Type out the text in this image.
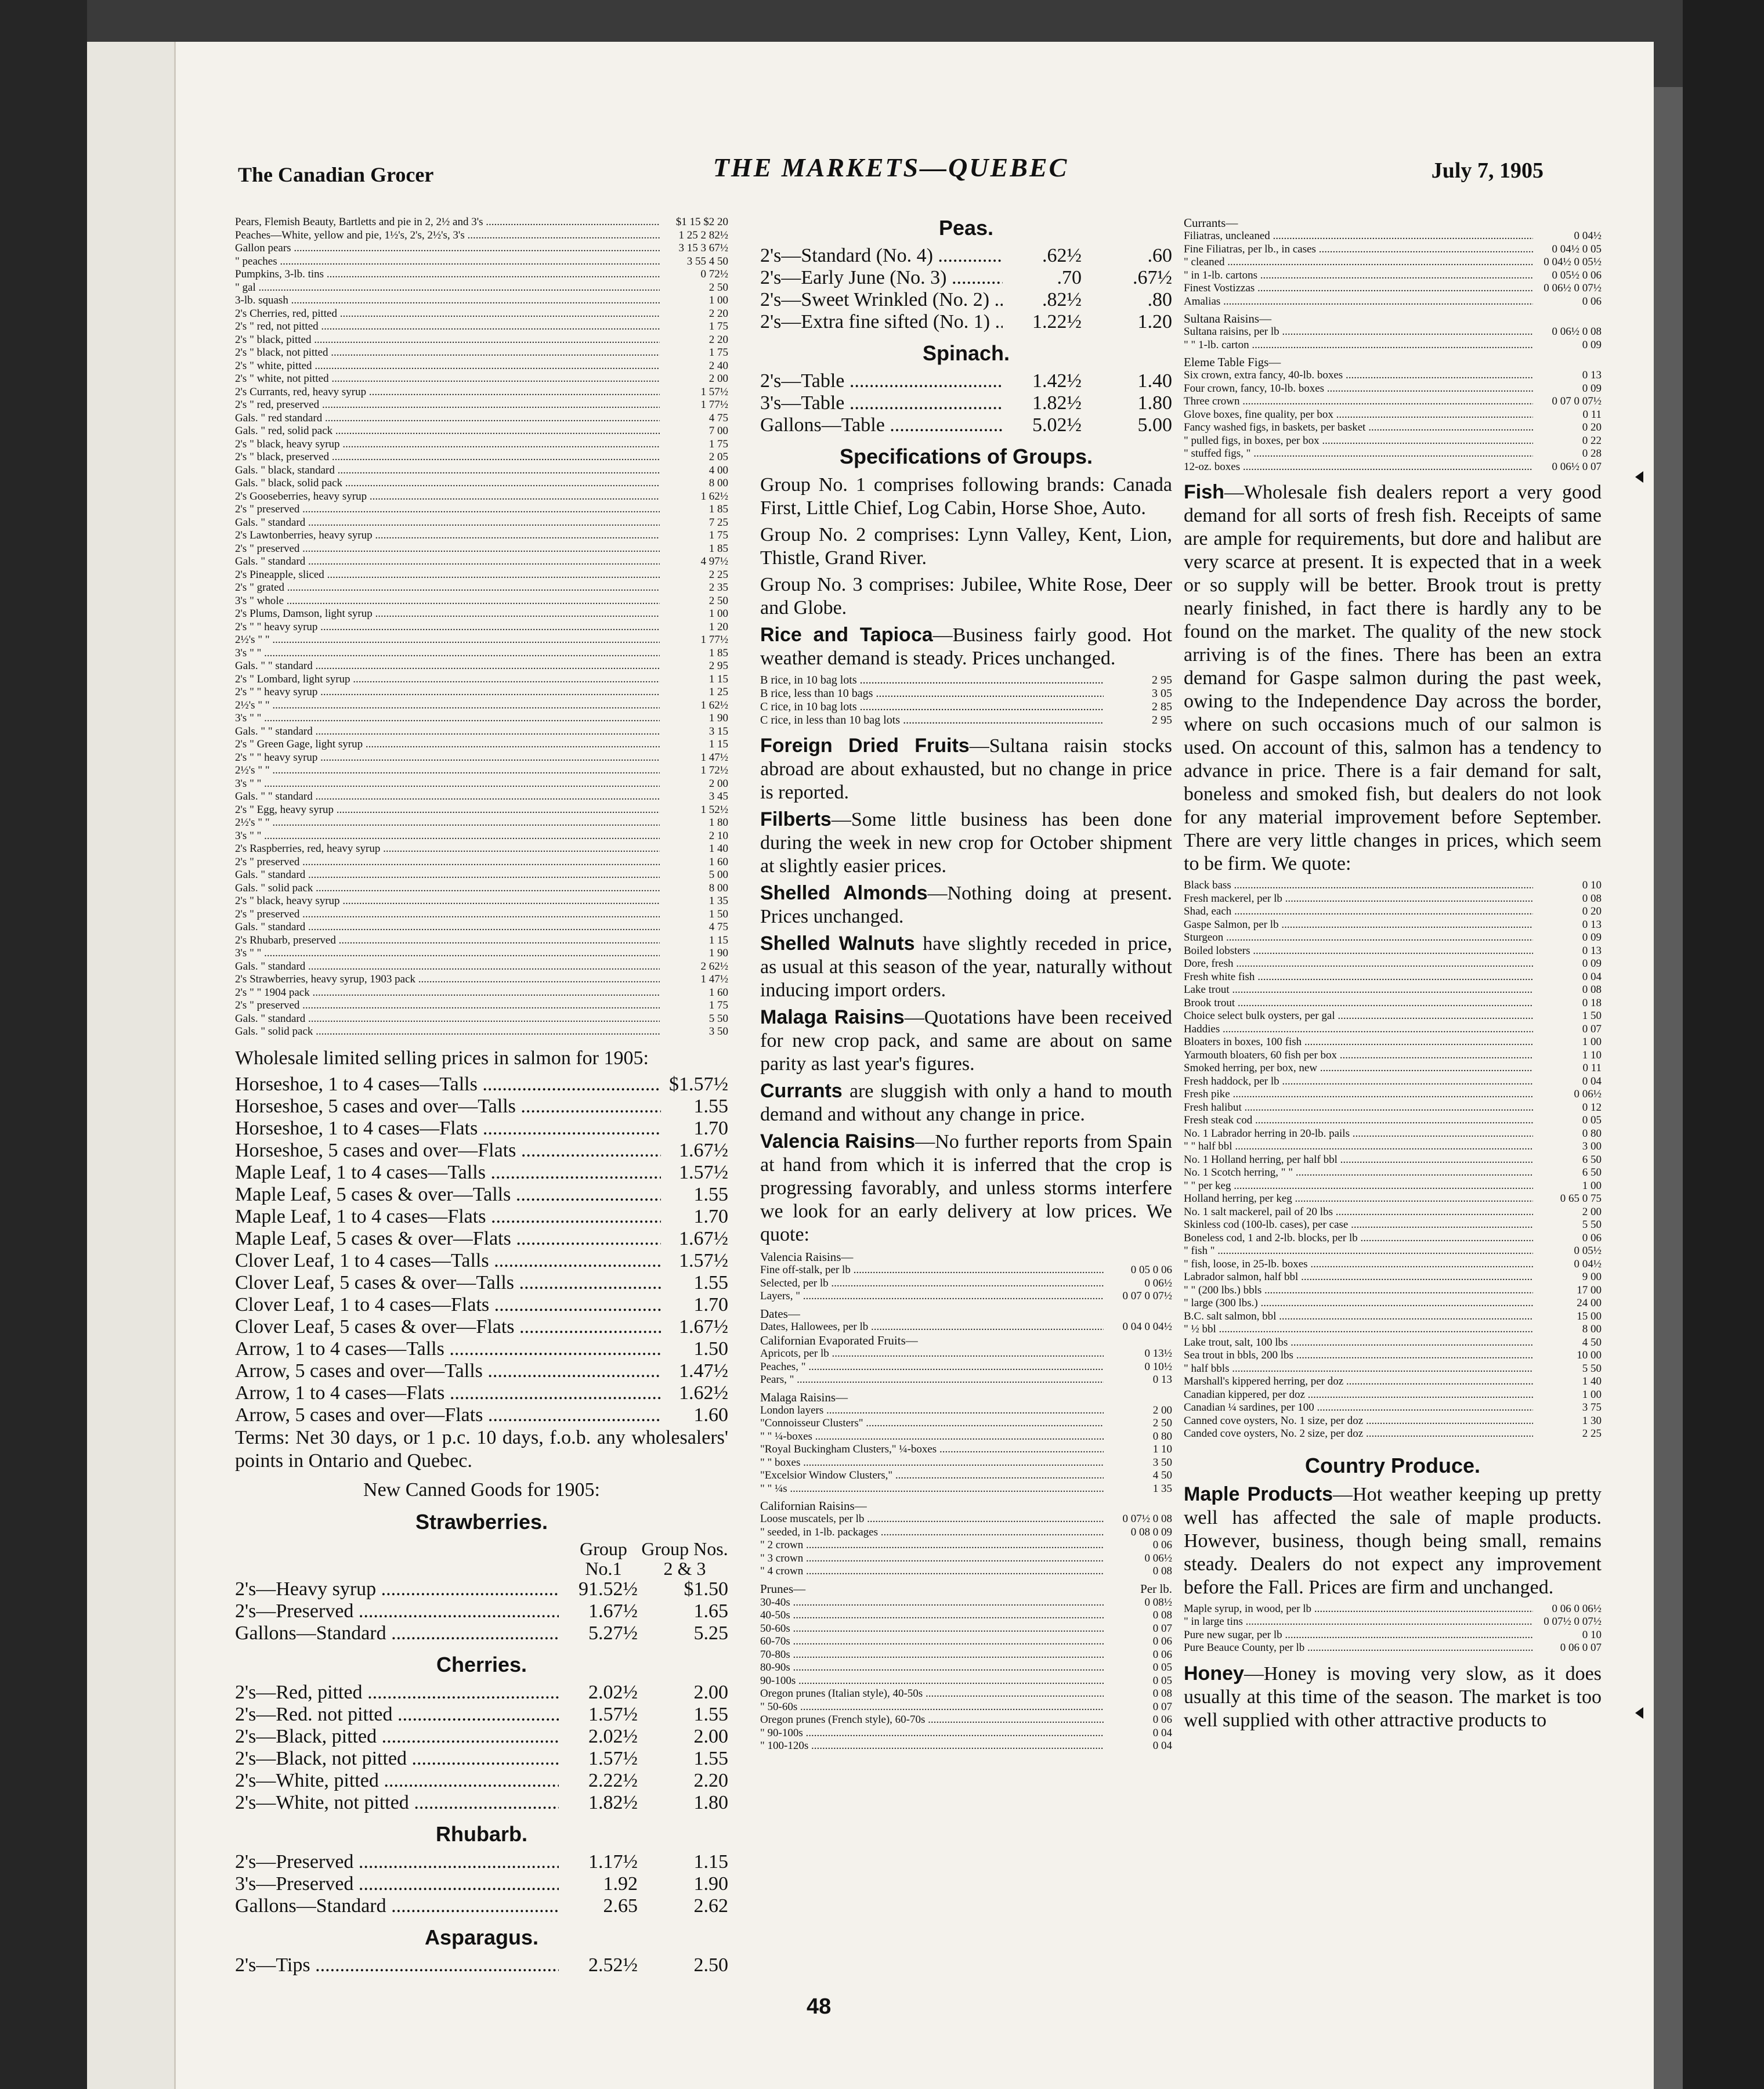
The Canadian Grocer	THE MARKETS—QUEBEC	July 7, 1905
Pears, Flemish Beauty, Bartletts and pie in 2, 2½ and 3's .....	$1 15 $2 20
Peaches—White, yellow and pie, 1½'s, 2's, 2½'s, 3's .....	1 25 2 82½
Gallon pears .....	3 15 3 67½
" peaches .....	3 55 4 50
Pumpkins, 3-lb. tins .....	0 72½
" gal .....	2 50
3-lb. squash .....	1 00
2's Cherries, red, pitted .....	2 20
2's " red, not pitted .....	1 75
2's " black, pitted .....	2 20
2's " black, not pitted .....	1 75
2's " white, pitted .....	2 40
2's " white, not pitted .....	2 00
2's Currants, red, heavy syrup .....	1 57½
2's " red, preserved .....	1 77½
Gals. " red standard .....	4 75
Gals. " red, solid pack .....	7 00
2's " black, heavy syrup .....	1 75
2's " black, preserved .....	2 05
Gals. " black, standard .....	4 00
Gals. " black, solid pack .....	8 00
2's Gooseberries, heavy syrup .....	1 62½
2's " preserved .....	1 85
Gals. " standard .....	7 25
2's Lawtonberries, heavy syrup .....	1 75
2's " preserved .....	1 85
Gals. " standard .....	4 97½
2's Pineapple, sliced .....	2 25
2's " grated .....	2 35
3's " whole .....	2 50
2's Plums, Damson, light syrup .....	1 00
2's " " heavy syrup .....	1 20
2½'s " " .....	1 77½
3's " " .....	1 85
Gals. " " standard .....	2 95
2's " Lombard, light syrup .....	1 15
2's " " heavy syrup .....	1 25
2½'s " " .....	1 62½
3's " " .....	1 90
Gals. " " standard .....	3 15
2's " Green Gage, light syrup .....	1 15
2's " " heavy syrup .....	1 47½
2½'s " " .....	1 72½
3's " " .....	2 00
Gals. " " standard .....	3 45
2's " Egg, heavy syrup .....	1 52½
2½'s " " .....	1 80
3's " " .....	2 10
2's Raspberries, red, heavy syrup .....	1 40
2's " preserved .....	1 60
Gals. " standard .....	5 00
Gals. " solid pack .....	8 00
2's " black, heavy syrup .....	1 35
2's " preserved .....	1 50
Gals. " standard .....	4 75
2's Rhubarb, preserved .....	1 15
3's " " .....	1 90
Gals. " standard .....	2 62½
2's Strawberries, heavy syrup, 1903 pack .....	1 47½
2's " " 1904 pack .....	1 60
2's " preserved .....	1 75
Gals. " standard .....	5 50
Gals. " solid pack .....	3 50

Wholesale limited selling prices in salmon for 1905:

Horseshoe, 1 to 4 cases—Talls .....	$1.57½
Horseshoe, 5 cases and over—Talls .....	1.55
Horseshoe, 1 to 4 cases—Flats .....	1.70
Horseshoe, 5 cases and over—Flats .....	1.67½
Maple Leaf, 1 to 4 cases—Talls .....	1.57½
Maple Leaf, 5 cases & over—Talls .....	1.55
Maple Leaf, 1 to 4 cases—Flats .....	1.70
Maple Leaf, 5 cases & over—Flats .....	1.67½
Clover Leaf, 1 to 4 cases—Talls .....	1.57½
Clover Leaf, 5 cases & over—Talls .....	1.55
Clover Leaf, 1 to 4 cases—Flats .....	1.70
Clover Leaf, 5 cases & over—Flats .....	1.67½
Arrow, 1 to 4 cases—Talls .....	1.50
Arrow, 5 cases and over—Talls .....	1.47½
Arrow, 1 to 4 cases—Flats .....	1.62½
Arrow, 5 cases and over—Flats .....	1.60

Terms: Net 30 days, or 1 p.c. 10 days, f.o.b. any wholesalers' points in Ontario and Quebec.

New Canned Goods for 1905:

Strawberries.
Group No.1
Group Nos. 2 & 3
2's—Heavy syrup .....	91.52½	$1.50
2's—Preserved .....	1.67½	1.65
Gallons—Standard .....	5.27½	5.25
Cherries.
2's—Red, pitted .....	2.02½	2.00
2's—Red. not pitted .....	1.57½	1.55
2's—Black, pitted .....	2.02½	2.00
2's—Black, not pitted .....	1.57½	1.55
2's—White, pitted .....	2.22½	2.20
2's—White, not pitted .....	1.82½	1.80
Rhubarb.
2's—Preserved .....	1.17½	1.15
3's—Preserved .....	1.92	1.90
Gallons—Standard .....	2.65	2.62
Asparagus.
2's—Tips .....	2.52½	2.50
Peas.
2's—Standard (No. 4) .....	.62½	.60
2's—Early June (No. 3) .....	.70	.67½
2's—Sweet Wrinkled (No. 2) .....	.82½	.80
2's—Extra fine sifted (No. 1) .....	1.22½	1.20
Spinach.
2's—Table .....	1.42½	1.40
3's—Table .....	1.82½	1.80
Gallons—Table .....	5.02½	5.00
Specifications of Groups.

Group No. 1 comprises following brands: Canada First, Little Chief, Log Cabin, Horse Shoe, Auto.

Group No. 2 comprises: Lynn Valley, Kent, Lion, Thistle, Grand River.

Group No. 3 comprises: Jubilee, White Rose, Deer and Globe.

Rice and Tapioca—Business fairly good. Hot weather demand is steady. Prices unchanged.

B rice, in 10 bag lots .....	2 95
B rice, less than 10 bags .....	3 05
C rice, in 10 bag lots .....	2 85
C rice, in less than 10 bag lots .....	2 95

Foreign Dried Fruits—Sultana raisin stocks abroad are about exhausted, but no change in price is reported.

Filberts—Some little business has been done during the week in new crop for October shipment at slightly easier prices.

Shelled Almonds—Nothing doing at present. Prices unchanged.

Shelled Walnuts have slightly receded in price, as usual at this season of the year, naturally without inducing import orders.

Malaga Raisins—Quotations have been received for new crop pack, and same are about on same parity as last year's figures.

Currants are sluggish with only a hand to mouth demand and without any change in price.

Valencia Raisins—No further reports from Spain at hand from which it is inferred that the crop is progressing favorably, and unless storms interfere we look for an early delivery at low prices. We quote:

Valencia Raisins—
Fine off-stalk, per lb .....	0 05 0 06
Selected, per lb .....	0 06½
Layers, " .....	0 07 0 07½
Dates—
Dates, Hallowees, per lb .....	0 04 0 04½
Californian Evaporated Fruits—
Apricots, per lb .....	0 13½
Peaches, " .....	0 10½
Pears, " .....	0 13
Malaga Raisins—
London layers .....	2 00
"Connoisseur Clusters" .....	2 50
" " ¼-boxes .....	0 80
"Royal Buckingham Clusters," ¼-boxes .....	1 10
" " boxes .....	3 50
"Excelsior Window Clusters," .....	4 50
" " ¼s .....	1 35
Californian Raisins—
Loose muscatels, per lb .....	0 07½ 0 08
" seeded, in 1-lb. packages .....	0 08 0 09
" 2 crown .....	0 06
" 3 crown .....	0 06½
" 4 crown .....	0 08
Prunes—	Per lb.
30-40s .....	0 08½
40-50s .....	0 08
50-60s .....	0 07
60-70s .....	0 06
70-80s .....	0 06
80-90s .....	0 05
90-100s .....	0 05
Oregon prunes (Italian style), 40-50s .....	0 08
" 50-60s .....	0 07
Oregon prunes (French style), 60-70s .....	0 06
" 90-100s .....	0 04
" 100-120s .....	0 04
Currants—
Filiatras, uncleaned .....	0 04½
Fine Filiatras, per lb., in cases .....	0 04½ 0 05
" cleaned .....	0 04½ 0 05½
" in 1-lb. cartons .....	0 05½ 0 06
Finest Vostizzas .....	0 06½ 0 07½
Amalias .....	0 06
Sultana Raisins—
Sultana raisins, per lb .....	0 06½ 0 08
" " 1-lb. carton .....	0 09
Eleme Table Figs—
Six crown, extra fancy, 40-lb. boxes .....	0 13
Four crown, fancy, 10-lb. boxes .....	0 09
Three crown .....	0 07 0 07½
Glove boxes, fine quality, per box .....	0 11
Fancy washed figs, in baskets, per basket .....	0 20
" pulled figs, in boxes, per box .....	0 22
" stuffed figs, " .....	0 28
12-oz. boxes .....	0 06½ 0 07

Fish—Wholesale fish dealers report a very good demand for all sorts of fresh fish. Receipts of same are ample for requirements, but dore and halibut are very scarce at present. It is expected that in a week or so supply will be better. Brook trout is pretty nearly finished, in fact there is hardly any to be found on the market. The quality of the new stock arriving is of the fines. There has been an extra demand for Gaspe salmon during the past week, owing to the Independence Day across the border, where on such occasions much of our salmon is used. On account of this, salmon has a tendency to advance in price. There is a fair demand for salt, boneless and smoked fish, but dealers do not look for any material improvement before September. There are very little changes in prices, which seem to be firm. We quote:

Black bass .....	0 10
Fresh mackerel, per lb .....	0 08
Shad, each .....	0 20
Gaspe Salmon, per lb .....	0 13
Sturgeon .....	0 09
Boiled lobsters .....	0 13
Dore, fresh .....	0 09
Fresh white fish .....	0 04
Lake trout .....	0 08
Brook trout .....	0 18
Choice select bulk oysters, per gal .....	1 50
Haddies .....	0 07
Bloaters in boxes, 100 fish .....	1 00
Yarmouth bloaters, 60 fish per box .....	1 10
Smoked herring, per box, new .....	0 11
Fresh haddock, per lb .....	0 04
Fresh pike .....	0 06½
Fresh halibut .....	0 12
Fresh steak cod .....	0 05
No. 1 Labrador herring in 20-lb. pails .....	0 80
" " half bbl .....	3 00
No. 1 Holland herring, per half bbl .....	6 50
No. 1 Scotch herring, " " .....	6 50
" " per keg .....	1 00
Holland herring, per keg .....	0 65 0 75
No. 1 salt mackerel, pail of 20 lbs .....	2 00
Skinless cod (100-lb. cases), per case .....	5 50
Boneless cod, 1 and 2-lb. blocks, per lb .....	0 06
" fish " .....	0 05½
" fish, loose, in 25-lb. boxes .....	0 04½
Labrador salmon, half bbl .....	9 00
" " (200 lbs.) bbls .....	17 00
" large (300 lbs.) .....	24 00
B.C. salt salmon, bbl .....	15 00
" ½ bbl .....	8 00
Lake trout, salt, 100 lbs .....	4 50
Sea trout in bbls, 200 lbs .....	10 00
" half bbls .....	5 50
Marshall's kippered herring, per doz .....	1 40
Canadian kippered, per doz .....	1 00
Canadian ¼ sardines, per 100 .....	3 75
Canned cove oysters, No. 1 size, per doz .....	1 30
Canded cove oysters, No. 2 size, per doz .....	2 25
Country Produce.

Maple Products—Hot weather keeping up pretty well has affected the sale of maple products. However, business, though being small, remains steady. Dealers do not expect any improvement before the Fall. Prices are firm and unchanged.

Maple syrup, in wood, per lb .....	0 06 0 06½
" in large tins .....	0 07½ 0 07½
Pure new sugar, per lb .....	0 10
Pure Beauce County, per lb .....	0 06 0 07

Honey—Honey is moving very slow, as it does usually at this time of the season. The market is too well supplied with other attractive products to

48
